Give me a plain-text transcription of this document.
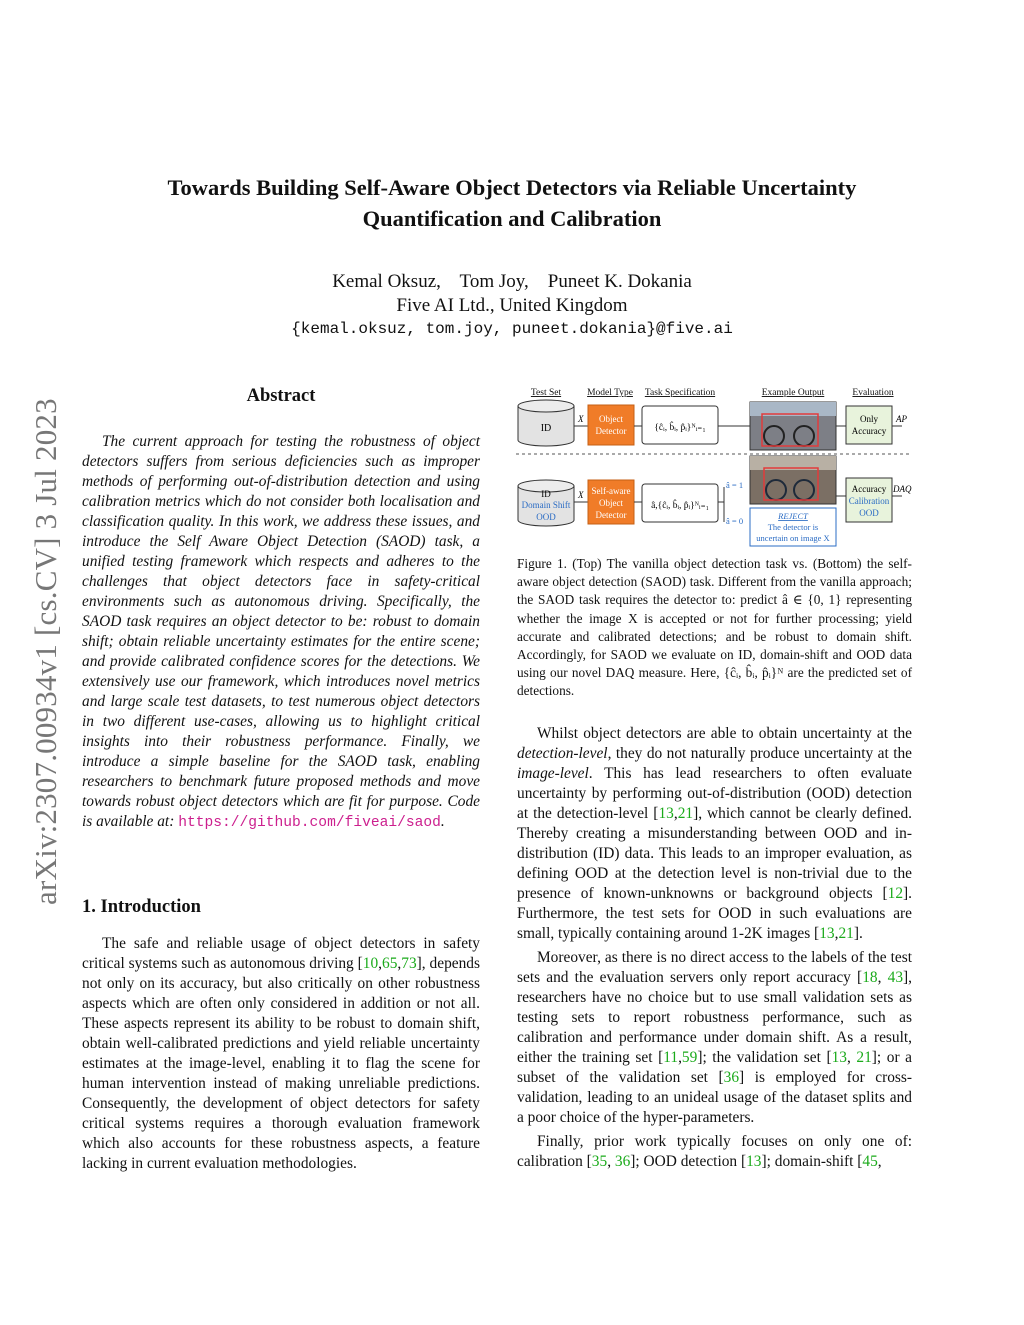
Towards Building Self-Aware Object Detectors via Reliable Uncertainty
Quantification and Calibration
Kemal Oksuz,    Tom Joy,    Puneet K. Dokania
Five AI Ltd., United Kingdom
{kemal.oksuz, tom.joy, puneet.dokania}@five.ai
arXiv:2307.00934v1 [cs.CV] 3 Jul 2023
Abstract
The current approach for testing the robustness of object detectors suffers from serious deficiencies such as improper methods of performing out-of-distribution detection and using calibration metrics which do not consider both localisation and classification quality. In this work, we address these issues, and introduce the Self Aware Object Detection (SAOD) task, a unified testing framework which respects and adheres to the challenges that object detectors face in safety-critical environments such as autonomous driving. Specifically, the SAOD task requires an object detector to be: robust to domain shift; obtain reliable uncertainty estimates for the entire scene; and provide calibrated confidence scores for the detections. We extensively use our framework, which introduces novel metrics and large scale test datasets, to test numerous object detectors in two different use-cases, allowing us to highlight critical insights into their robustness performance. Finally, we introduce a simple baseline for the SAOD task, enabling researchers to benchmark future proposed methods and move towards robust object detectors which are fit for purpose. Code is available at: https://github.com/fiveai/saod.
1. Introduction
The safe and reliable usage of object detectors in safety critical systems such as autonomous driving [10,65,73], depends not only on its accuracy, but also critically on other robustness aspects which are often only considered in addition or not all. These aspects represent its ability to be robust to domain shift, obtain well-calibrated predictions and yield reliable uncertainty estimates at the image-level, enabling it to flag the scene for human intervention instead of making unreliable predictions. Consequently, the development of object detectors for safety critical systems requires a thorough evaluation framework which also accounts for these robustness aspects, a feature lacking in current evaluation methodologies.
Test Set	Model Type Task Specification	Example Output	Evaluation
ID
X Object
Detector	{ĉᵢ, b̂ᵢ, p̂ᵢ}ᴺᵢ₌₁
Only
Accuracy
AP
ID
Domain Shift
OOD
X Self-aware
Object
Detector
â,{ĉᵢ, b̂ᵢ, p̂ᵢ}ᴺᵢ₌₁
â = 1
â = 0	REJECT
The detector is
uncertain on image X
Accuracy
Calibration
OOD
DAQ
Figure 1. (Top) The vanilla object detection task vs. (Bottom) the self-aware object detection (SAOD) task. Different from the vanilla approach; the SAOD task requires the detector to: predict â ∈ {0, 1} representing whether the image X is accepted or not for further processing; yield accurate and calibrated detections; and be robust to domain shift. Accordingly, for SAOD we evaluate on ID, domain-shift and OOD data using our novel DAQ measure. Here, {ĉᵢ, b̂ᵢ, p̂ᵢ}ᴺ are the predicted set of detections.

Whilst object detectors are able to obtain uncertainty at the detection-level, they do not naturally produce uncertainty at the image-level. This has lead researchers to often evaluate uncertainty by performing out-of-distribution (OOD) detection at the detection-level [13,21], which cannot be clearly defined. Thereby creating a misunderstanding between OOD and in-distribution (ID) data. This leads to an improper evaluation, as defining OOD at the detection level is non-trivial due to the presence of known-unknowns or background objects [12]. Furthermore, the test sets for OOD in such evaluations are small, typically containing around 1-2K images [13,21].

Moreover, as there is no direct access to the labels of the test sets and the evaluation servers only report accuracy [18, 43], researchers have no choice but to use small validation sets as testing sets to report robustness performance, such as calibration and performance under domain shift. As a result, either the training set [11,59]; the validation set [13, 21]; or a subset of the validation set [36] is employed for cross-validation, leading to an unideal usage of the dataset splits and a poor choice of the hyper-parameters.

Finally, prior work typically focuses on only one of: calibration [35, 36]; OOD detection [13]; domain-shift [45,
